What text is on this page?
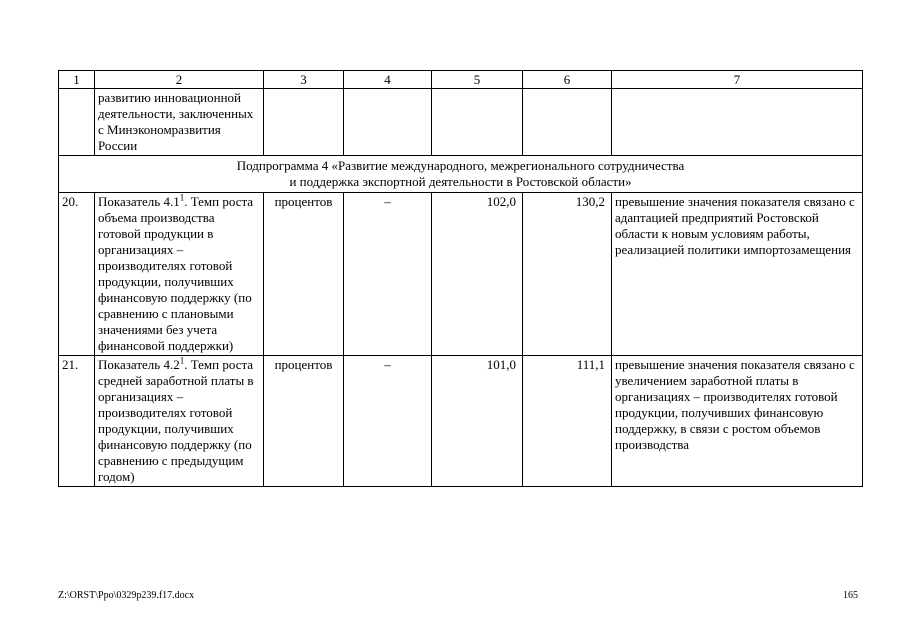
1	2	3	4	5	6	7
	развитию инновационной деятельности, заключенных с Минэкономразвития России					
Подпрограмма 4 «Развитие международного, межрегионального сотрудничества
и поддержка экспортной деятельности в Ростовской области»						
20.	Показатель $4.1^1$. Темп роста объема производства готовой продукции в организациях – производителях готовой продукции, получивших финансовую поддержку (по сравнению с плановыми значениями без учета финансовой поддержки)	процентов	–	102,0	130,2	превышение значения показателя связано с адаптацией предприятий Ростовской области к новым условиям работы, реализацией политики импортозамещения
21.	Показатель $4.2^1$. Темп роста средней заработной платы в организациях – производителях готовой продукции, получивших финансовую поддержку (по сравнению с предыдущим годом)	процентов	–	101,0	111,1	превышение значения показателя связано с увеличением заработной платы в организациях – производителях готовой продукции, получивших финансовую поддержку, в связи с ростом объемов производства
Z:\ORST\Ppo\0329p239.f17.docx	165
